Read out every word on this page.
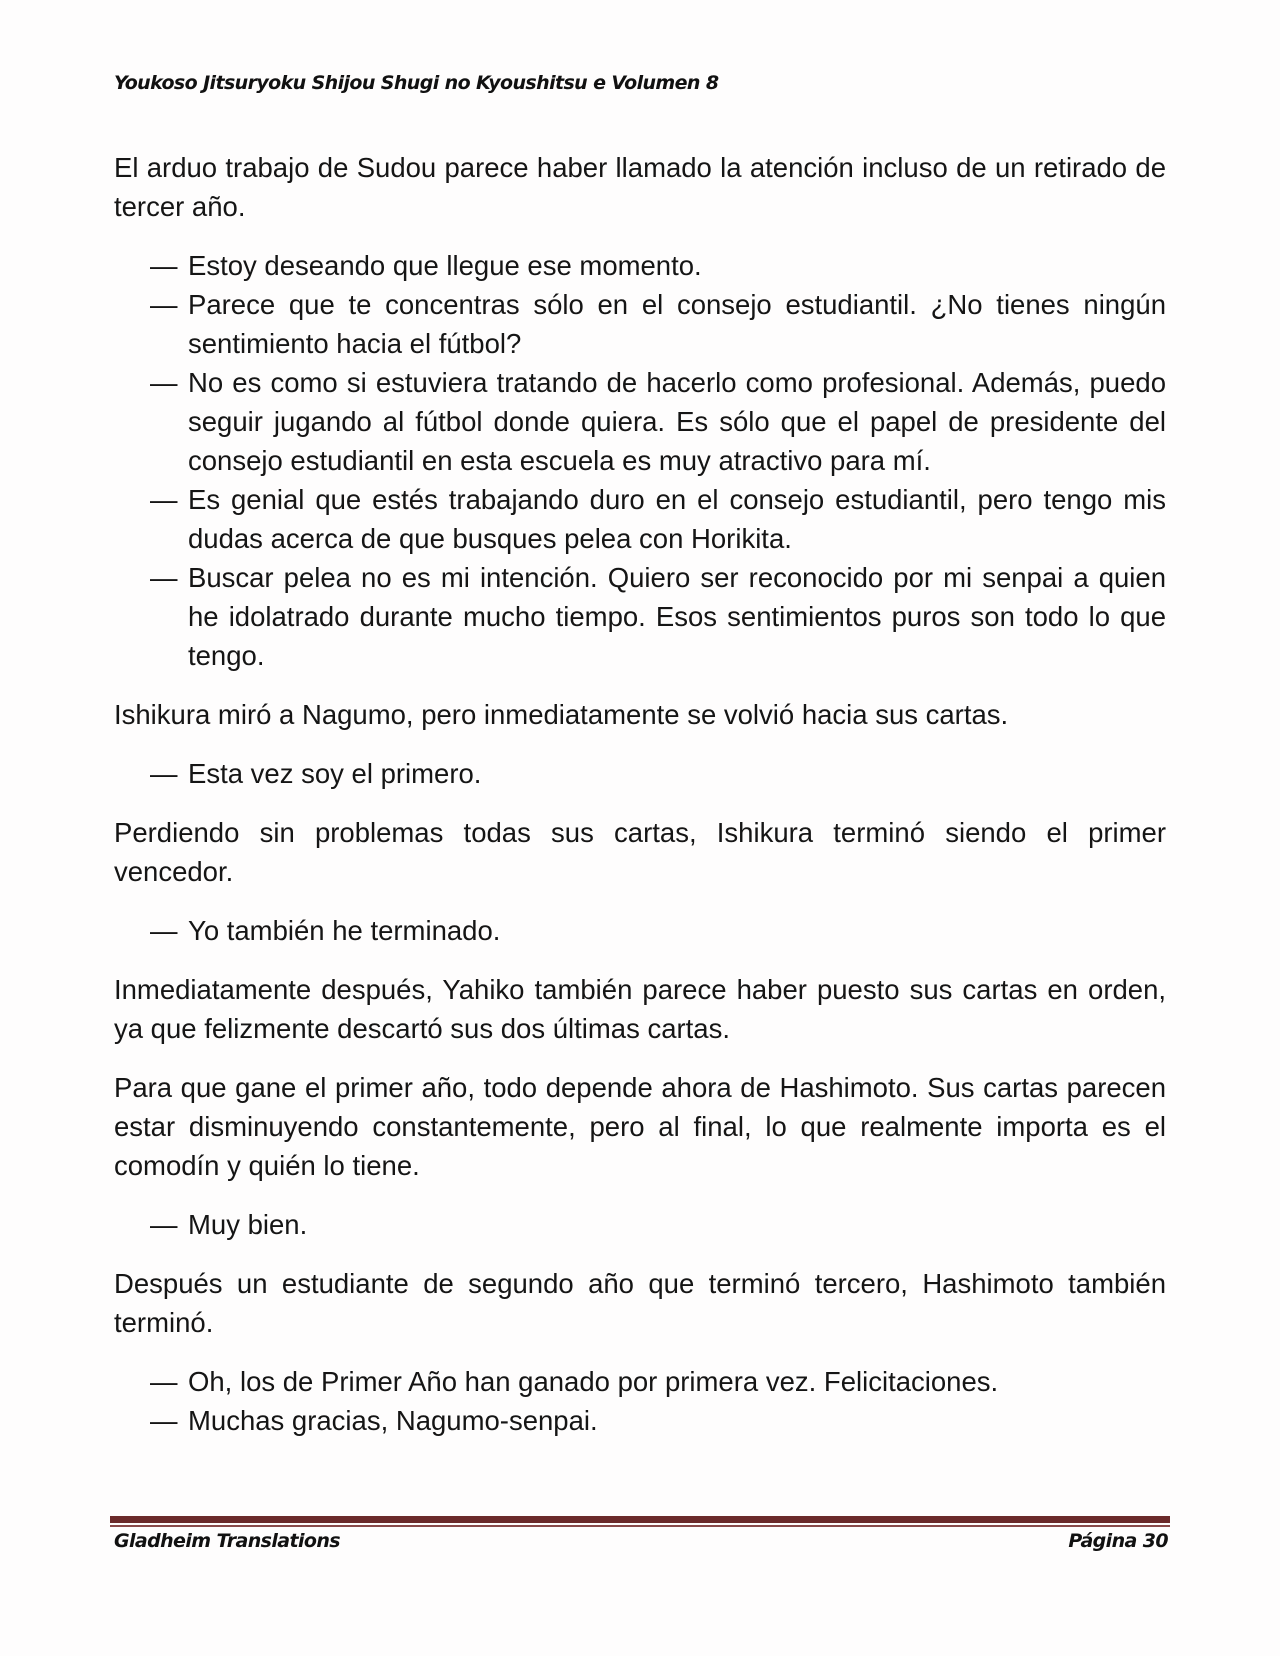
Youkoso Jitsuryoku Shijou Shugi no Kyoushitsu e Volumen 8

El arduo trabajo de Sudou parece haber llamado la atención incluso de un retirado de tercer año.

— Estoy deseando que llegue ese momento.
— Parece que te concentras sólo en el consejo estudiantil. ¿No tienes ningún sentimiento hacia el fútbol?
— No es como si estuviera tratando de hacerlo como profesional. Además, puedo seguir jugando al fútbol donde quiera. Es sólo que el papel de presidente del consejo estudiantil en esta escuela es muy atractivo para mí.
— Es genial que estés trabajando duro en el consejo estudiantil, pero tengo mis dudas acerca de que busques pelea con Horikita.
— Buscar pelea no es mi intención. Quiero ser reconocido por mi senpai a quien he idolatrado durante mucho tiempo. Esos sentimientos puros son todo lo que tengo.

Ishikura miró a Nagumo, pero inmediatamente se volvió hacia sus cartas.

— Esta vez soy el primero.

Perdiendo sin problemas todas sus cartas, Ishikura terminó siendo el primer vencedor.

— Yo también he terminado.

Inmediatamente después, Yahiko también parece haber puesto sus cartas en orden, ya que felizmente descartó sus dos últimas cartas.

Para que gane el primer año, todo depende ahora de Hashimoto. Sus cartas parecen estar disminuyendo constantemente, pero al final, lo que realmente importa es el comodín y quién lo tiene.

— Muy bien.

Después un estudiante de segundo año que terminó tercero, Hashimoto también terminó.

— Oh, los de Primer Año han ganado por primera vez. Felicitaciones.
— Muchas gracias, Nagumo-senpai.
Gladheim Translations	Página 30
